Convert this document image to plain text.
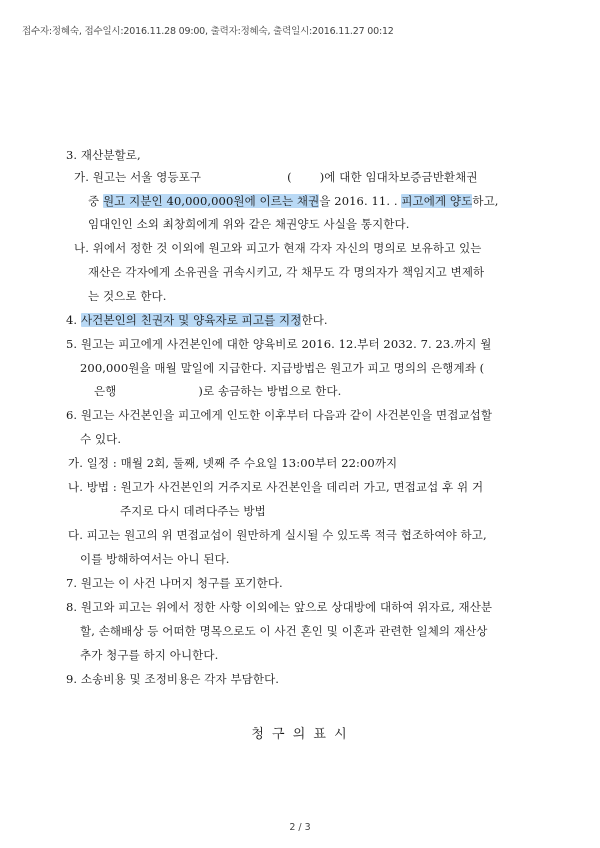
접수자:정혜숙, 접수일시:2016.11.28 09:00, 출력자:정혜숙, 출력일시:2016.11.27 00:12
3. 재산분할로,
가. 원고는 서울 영등포구	( )에 대한 임대차보증금반환채권
중 원고 지분인 40,000,000원에 이르는 채권을 2016. 11. . 피고에게 양도하고,
임대인인 소외 최창희에게 위와 같은 채권양도 사실을 통지한다.
나. 위에서 정한 것 이외에 원고와 피고가 현재 각자 자신의 명의로 보유하고 있는
재산은 각자에게 소유권을 귀속시키고, 각 채무도 각 명의자가 책임지고 변제하
는 것으로 한다.
4. 사건본인의 친권자 및 양육자로 피고를 지정한다.
5. 원고는 피고에게 사건본인에 대한 양육비로 2016. 12.부터 2032. 7. 23.까지 월
200,000원을 매월 말일에 지급한다. 지급방법은 원고가 피고 명의의 은행계좌 (
은행	)로 송금하는 방법으로 한다.
6. 원고는 사건본인을 피고에게 인도한 이후부터 다음과 같이 사건본인을 면접교섭할
수 있다.
가. 일정 : 매월 2회, 둘째, 넷째 주 수요일 13:00부터 22:00까지
나. 방법 : 원고가 사건본인의 거주지로 사건본인을 데리러 가고, 면접교섭 후 위 거
주지로 다시 데려다주는 방법
다. 피고는 원고의 위 면접교섭이 원만하게 실시될 수 있도록 적극 협조하여야 하고,
이를 방해하여서는 아니 된다.
7. 원고는 이 사건 나머지 청구를 포기한다.
8. 원고와 피고는 위에서 정한 사항 이외에는 앞으로 상대방에 대하여 위자료, 재산분
할, 손해배상 등 어떠한 명목으로도 이 사건 혼인 및 이혼과 관련한 일체의 재산상
추가 청구를 하지 아니한다.
9. 소송비용 및 조정비용은 각자 부담한다.
청 구 의 표 시
2 / 3
